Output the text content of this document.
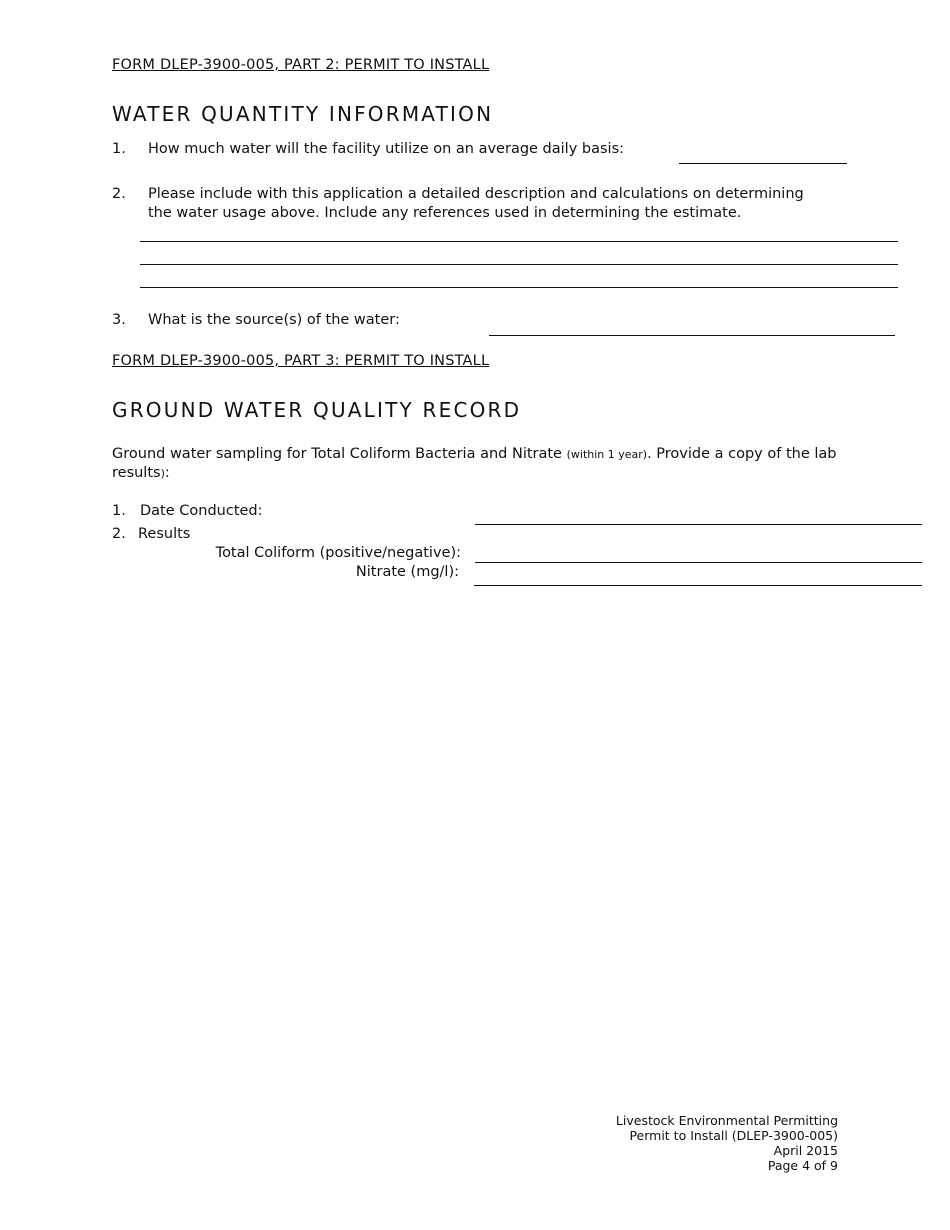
FORM DLEP-3900-005, PART 2: PERMIT TO INSTALL
WATER QUANTITY INFORMATION
1. How much water will the facility utilize on an average daily basis:
2. Please include with this application a detailed description and calculations on determining
the water usage above. Include any references used in determining the estimate.
3. What is the source(s) of the water:
FORM DLEP-3900-005, PART 3: PERMIT TO INSTALL
GROUND WATER QUALITY RECORD
Ground water sampling for Total Coliform Bacteria and Nitrate (within 1 year). Provide a copy of the lab
results):
1. Date Conducted:
2. Results
Total Coliform (positive/negative):
Nitrate (mg/l):
Livestock Environmental Permitting
Permit to Install (DLEP-3900-005)
April 2015
Page 4 of 9
